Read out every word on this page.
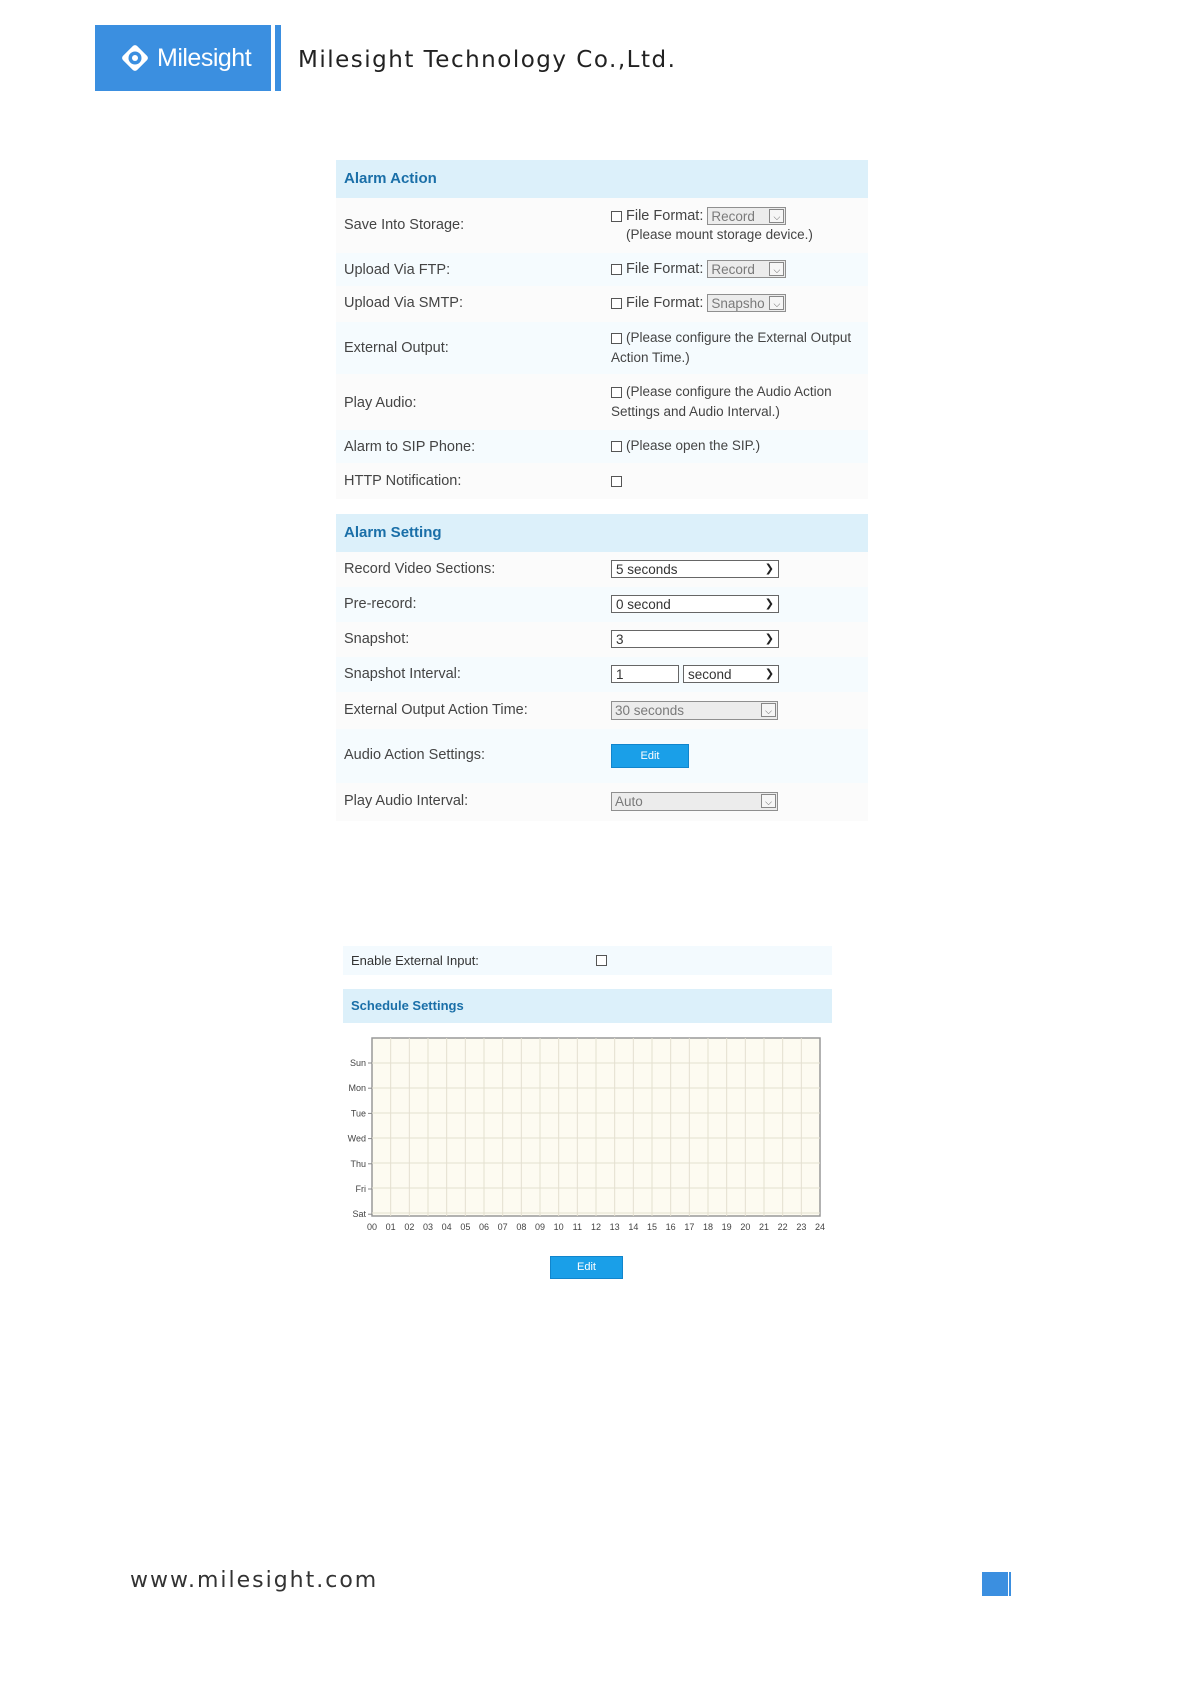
Milesight Milesight Technology Co.,Ltd.
Alarm Action
Save Into Storage:
File Format: Record	⌵
(Please mount storage device.)
Upload Via FTP:	File Format: Record	⌵
Upload Via SMTP:	File Format: Snapsho ⌵
External Output:
(Please configure the External Output
Action Time.)
Play Audio:
(Please configure the Audio Action
Settings and Audio Interval.)
Alarm to SIP Phone:	(Please open the SIP.)
HTTP Notification:
Alarm Setting
Record Video Sections:	5 seconds	❯
Pre-record:	0 second	❯
Snapshot:	3	❯
Snapshot Interval:	1	second	❯
External Output Action Time:	30 seconds	⌵
Audio Action Settings:	Edit
Play Audio Interval:	Auto	⌵
Enable External Input:
Schedule Settings
Sun
Mon
Tue
Wed
Thu
Fri
Sat
00 01 02 03 04 05 06 07 08 09 10 11 12 13 14 15 16 17 18 19 20 21 22 23 24
Edit
www.milesight.com
